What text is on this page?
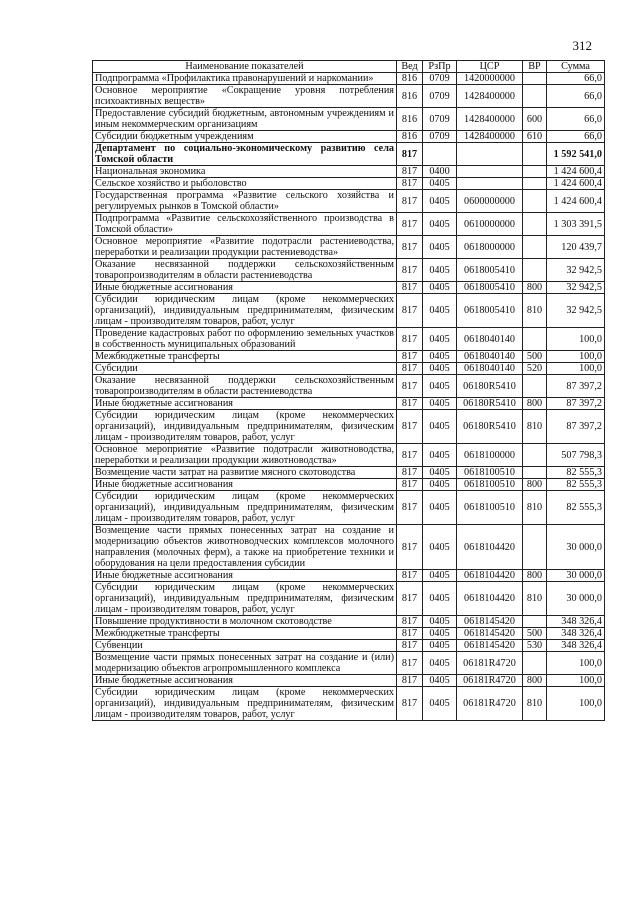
312
Наименование показателей	Вед	РзПр	ЦСР	ВР	Сумма
Подпрограмма «Профилактика правонарушений и наркомании»	816	0709	1420000000		66,0
Основное мероприятие «Сокращение уровня потребления психоактивных веществ»	816	0709	1428400000		66,0
Предоставление субсидий бюджетным, автономным учреждениям и иным некоммерческим организациям	816	0709	1428400000	600	66,0
Субсидии бюджетным учреждениям	816	0709	1428400000	610	66,0
Департамент по социально-экономическому развитию села Томской области	817				1 592 541,0
Национальная экономика	817	0400			1 424 600,4
Сельское хозяйство и рыболовство	817	0405			1 424 600,4
Государственная программа «Развитие сельского хозяйства и регулируемых рынков в Томской области»	817	0405	0600000000		1 424 600,4
Подпрограмма «Развитие сельскохозяйственного производства в Томской области»	817	0405	0610000000		1 303 391,5
Основное мероприятие «Развитие подотрасли растениеводства, переработки и реализации продукции растениеводства»	817	0405	0618000000		120 439,7
Оказание несвязанной поддержки сельскохозяйственным товаропроизводителям в области растениеводства	817	0405	0618005410		32 942,5
Иные бюджетные ассигнования	817	0405	0618005410	800	32 942,5
Субсидии юридическим лицам (кроме некоммерческих организаций), индивидуальным предпринимателям, физическим лицам - производителям товаров, работ, услуг	817	0405	0618005410	810	32 942,5
Проведение кадастровых работ по оформлению земельных участков в собственность муниципальных образований	817	0405	0618040140		100,0
Межбюджетные трансферты	817	0405	0618040140	500	100,0
Субсидии	817	0405	0618040140	520	100,0
Оказание несвязанной поддержки сельскохозяйственным товаропроизводителям в области растениеводства	817	0405	06180R5410		87 397,2
Иные бюджетные ассигнования	817	0405	06180R5410	800	87 397,2
Субсидии юридическим лицам (кроме некоммерческих организаций), индивидуальным предпринимателям, физическим лицам - производителям товаров, работ, услуг	817	0405	06180R5410	810	87 397,2
Основное мероприятие «Развитие подотрасли животноводства, переработки и реализации продукции животноводства»	817	0405	0618100000		507 798,3
Возмещение части затрат на развитие мясного скотоводства	817	0405	0618100510		82 555,3
Иные бюджетные ассигнования	817	0405	0618100510	800	82 555,3
Субсидии юридическим лицам (кроме некоммерческих организаций), индивидуальным предпринимателям, физическим лицам - производителям товаров, работ, услуг	817	0405	0618100510	810	82 555,3
Возмещение части прямых понесенных затрат на создание и модернизацию объектов животноводческих комплексов молочного направления (молочных ферм), а также на приобретение техники и оборудования на цели предоставления субсидии	817	0405	0618104420		30 000,0
Иные бюджетные ассигнования	817	0405	0618104420	800	30 000,0
Субсидии юридическим лицам (кроме некоммерческих организаций), индивидуальным предпринимателям, физическим лицам - производителям товаров, работ, услуг	817	0405	0618104420	810	30 000,0
Повышение продуктивности в молочном скотоводстве	817	0405	0618145420		348 326,4
Межбюджетные трансферты	817	0405	0618145420	500	348 326,4
Субвенции	817	0405	0618145420	530	348 326,4
Возмещение части прямых понесенных затрат на создание и (или) модернизацию объектов агропромышленного комплекса	817	0405	06181R4720		100,0
Иные бюджетные ассигнования	817	0405	06181R4720	800	100,0
Субсидии юридическим лицам (кроме некоммерческих организаций), индивидуальным предпринимателям, физическим лицам - производителям товаров, работ, услуг	817	0405	06181R4720	810	100,0
